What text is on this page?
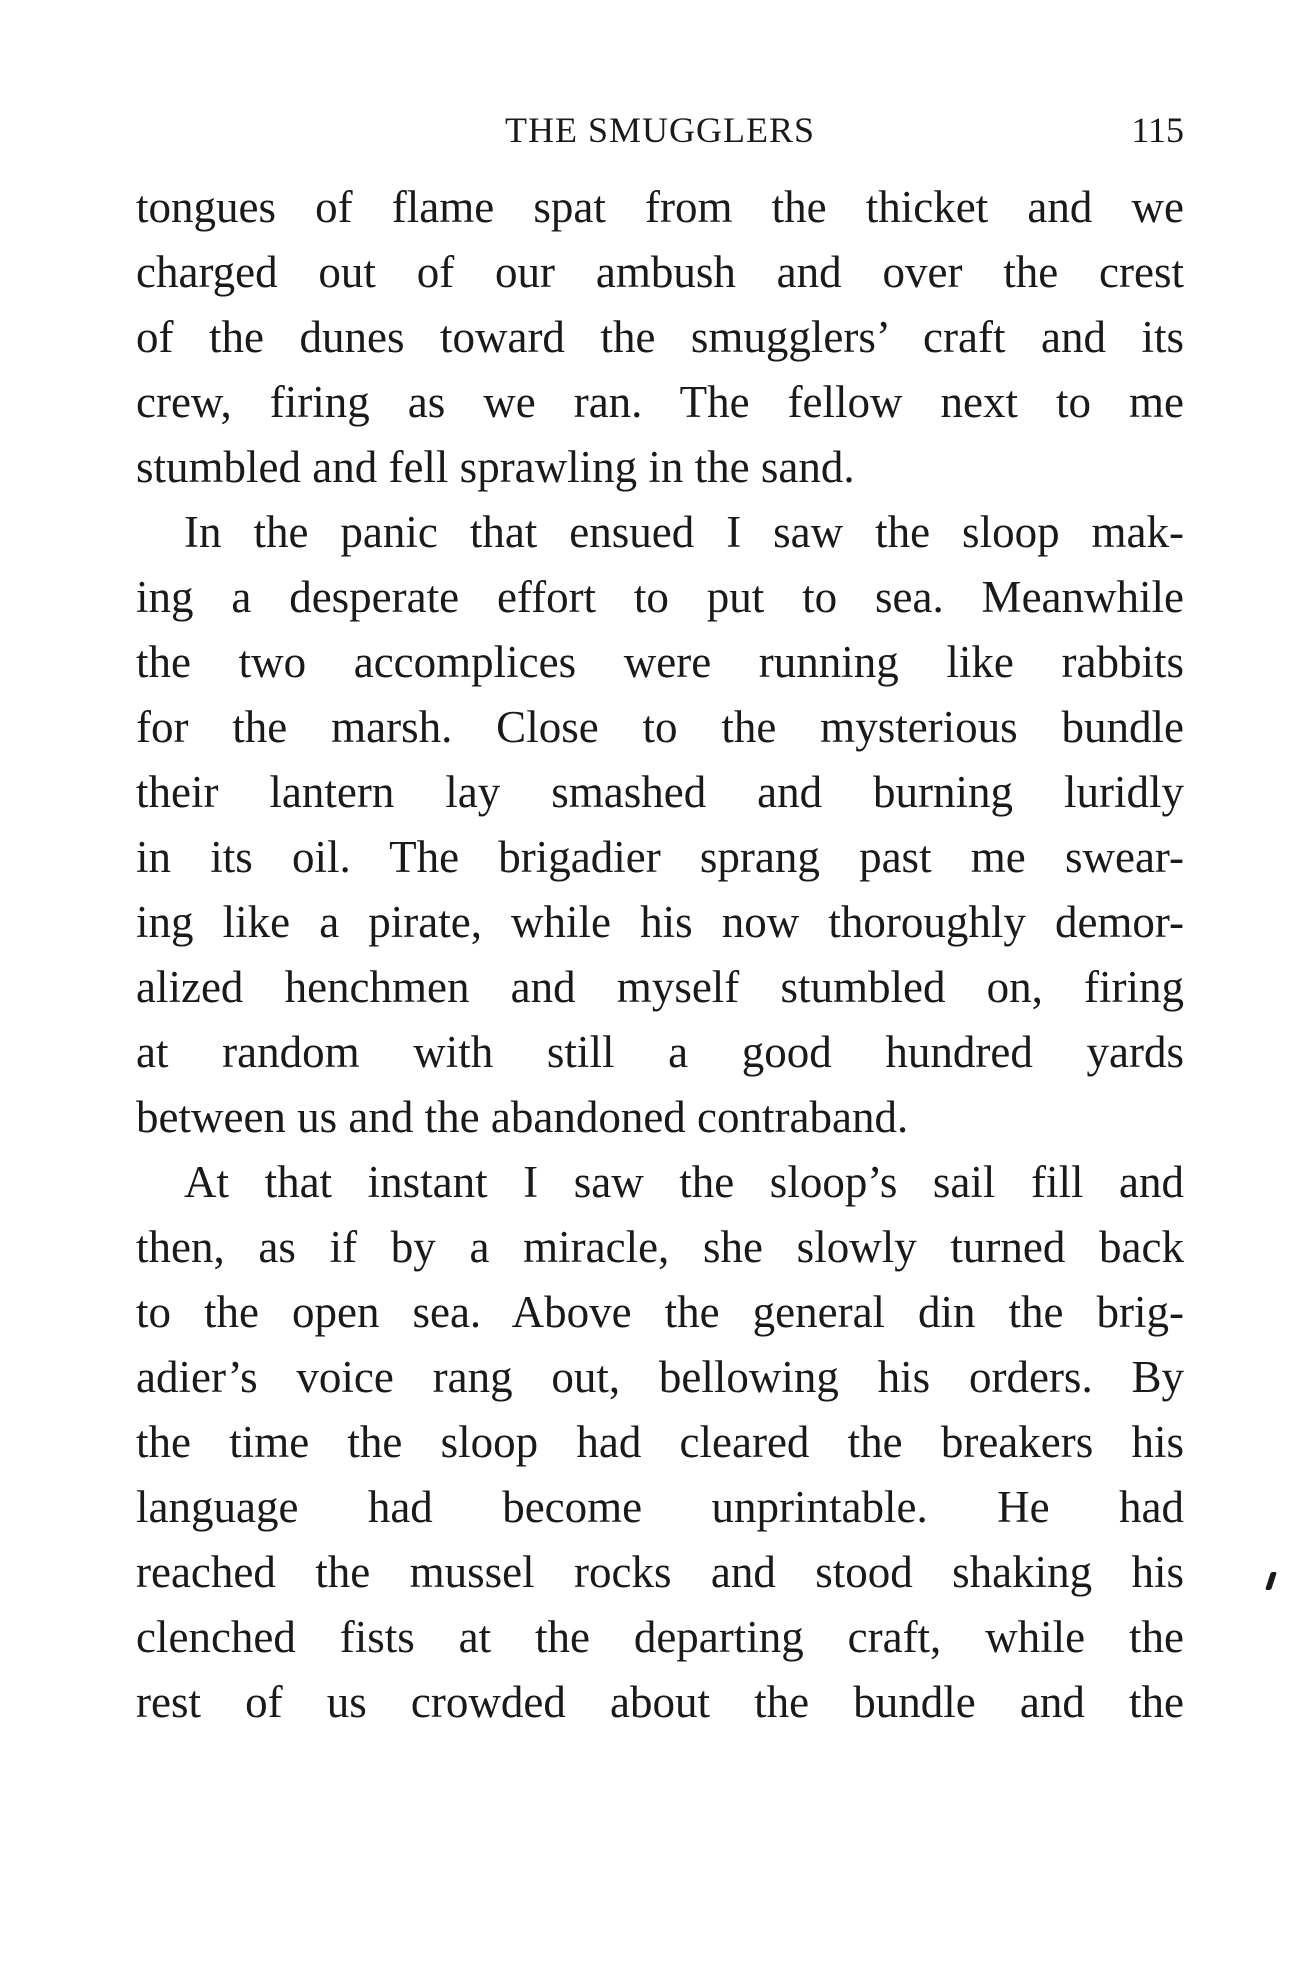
THE SMUGGLERS	115
tongues of flame spat from the thicket and we
charged out of our ambush and over the crest
of the dunes toward the smugglers’ craft and its
crew, firing as we ran. The fellow next to me
stumbled and fell sprawling in the sand.
In the panic that ensued I saw the sloop mak-
ing a desperate effort to put to sea. Meanwhile
the two accomplices were running like rabbits
for the marsh. Close to the mysterious bundle
their lantern lay smashed and burning luridly
in its oil. The brigadier sprang past me swear-
ing like a pirate, while his now thoroughly demor-
alized henchmen and myself stumbled on, firing
at random with still a good hundred yards
between us and the abandoned contraband.
At that instant I saw the sloop’s sail fill and
then, as if by a miracle, she slowly turned back
to the open sea. Above the general din the brig-
adier’s voice rang out, bellowing his orders. By
the time the sloop had cleared the breakers his
language had become unprintable. He had
reached the mussel rocks and stood shaking his
clenched fists at the departing craft, while the
rest of us crowded about the bundle and the
